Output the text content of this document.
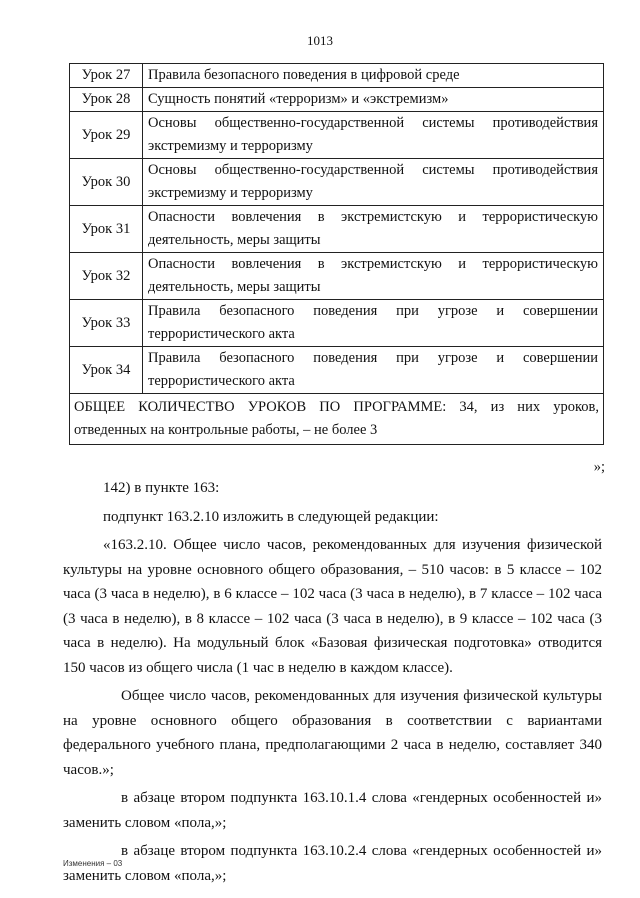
1013
Урок 27	Правила безопасного поведения в цифровой среде
Урок 28	Сущность понятий «терроризм» и «экстремизм»
Урок 29	Основы общественно-государственной системы противодействия экстремизму и терроризму
Урок 30	Основы общественно-государственной системы противодействия экстремизму и терроризму
Урок 31	Опасности вовлечения в экстремистскую и террористическую деятельность, меры защиты
Урок 32	Опасности вовлечения в экстремистскую и террористическую деятельность, меры защиты
Урок 33	Правила безопасного поведения при угрозе и совершении террористического акта
Урок 34	Правила безопасного поведения при угрозе и совершении террористического акта
ОБЩЕЕ КОЛИЧЕСТВО УРОКОВ ПО ПРОГРАММЕ: 34, из них уроков, отведенных на контрольные работы, – не более 3	
»;

142) в пункте 163:

подпункт 163.2.10 изложить в следующей редакции:

«163.2.10. Общее число часов, рекомендованных для изучения физической культуры на уровне основного общего образования, – 510 часов: в 5 классе – 102 часа (3 часа в неделю), в 6 классе – 102 часа (3 часа в неделю), в 7 классе – 102 часа (3 часа в неделю), в 8 классе – 102 часа (3 часа в неделю), в 9 классе – 102 часа (3 часа в неделю). На модульный блок «Базовая физическая подготовка» отводится 150 часов из общего числа (1 час в неделю в каждом классе).

Общее число часов, рекомендованных для изучения физической культуры на уровне основного общего образования в соответствии с вариантами федерального учебного плана, предполагающими 2 часа в неделю, составляет 340 часов.»;

в абзаце втором подпункта 163.10.1.4 слова «гендерных особенностей и» заменить словом «пола,»;

в абзаце втором подпункта 163.10.2.4 слова «гендерных особенностей и» заменить словом «пола,»;

Изменения – 03
